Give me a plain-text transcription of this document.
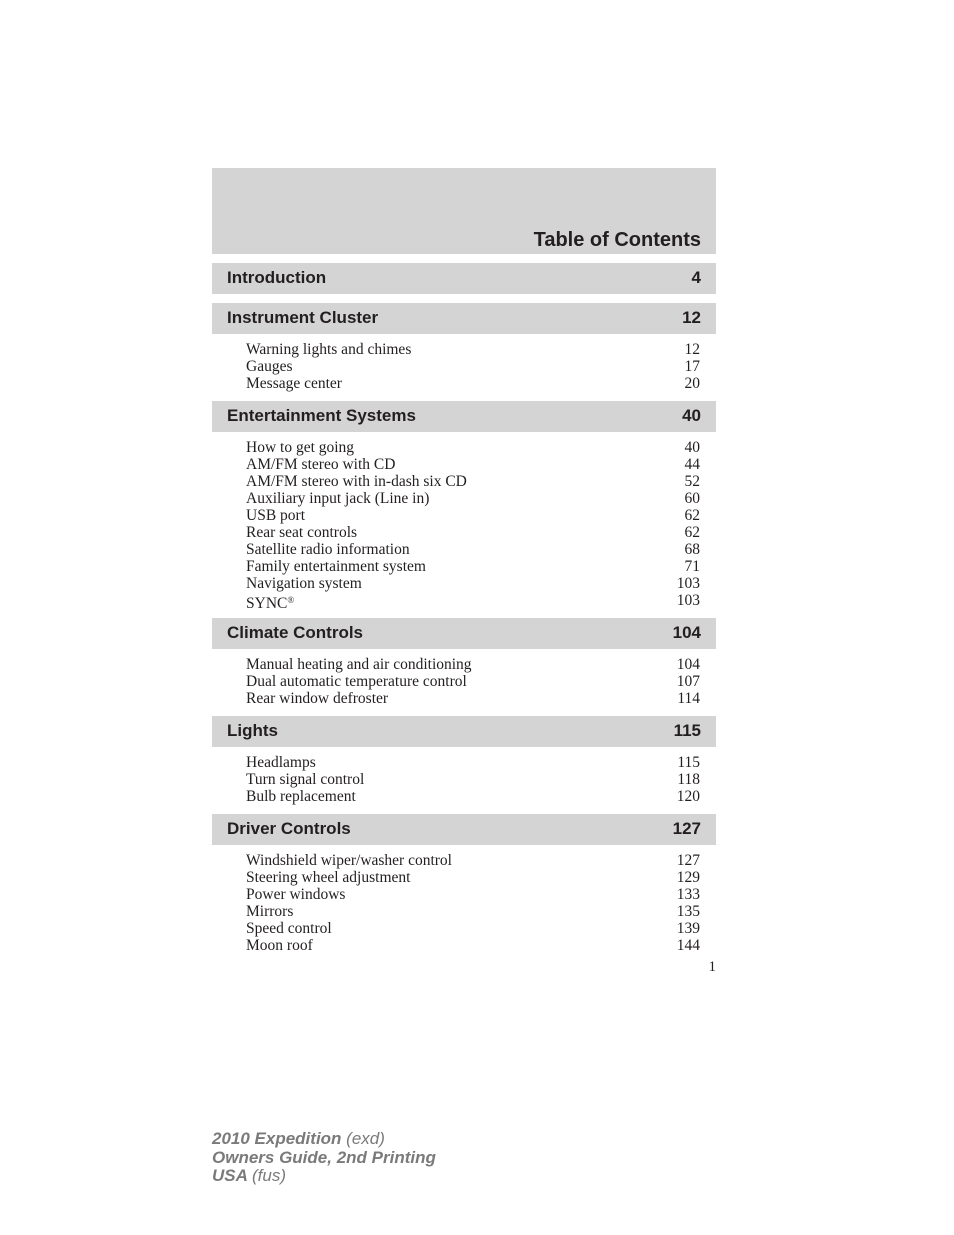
Table of Contents
Introduction	4
Instrument Cluster	12
Warning lights and chimes	12
Gauges	17
Message center	20
Entertainment Systems	40
How to get going	40
AM/FM stereo with CD	44
AM/FM stereo with in-dash six CD	52
Auxiliary input jack (Line in)	60
USB port	62
Rear seat controls	62
Satellite radio information	68
Family entertainment system	71
Navigation system	103
SYNC®	103
Climate Controls	104
Manual heating and air conditioning	104
Dual automatic temperature control	107
Rear window defroster	114
Lights	115
Headlamps	115
Turn signal control	118
Bulb replacement	120
Driver Controls	127
Windshield wiper/washer control	127
Steering wheel adjustment	129
Power windows	133
Mirrors	135
Speed control	139
Moon roof	144
1
2010 Expedition (exd)
Owners Guide, 2nd Printing
USA (fus)
